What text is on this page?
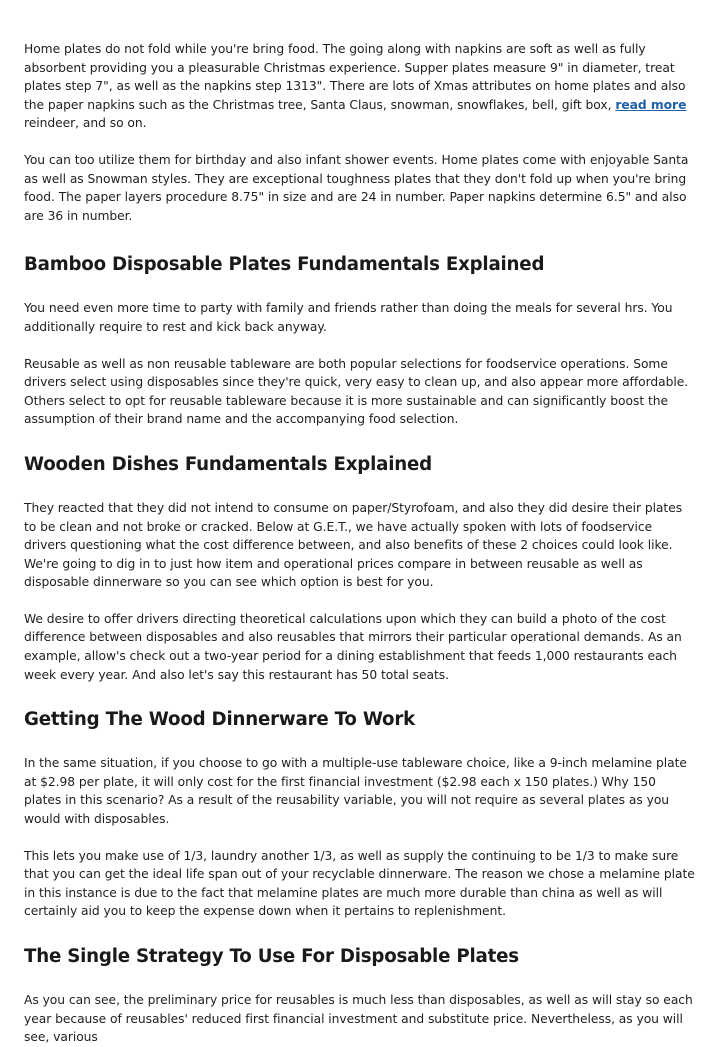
Home plates do not fold while you're bring food. The going along with napkins are soft as well as fully absorbent providing you a pleasurable Christmas experience. Supper plates measure 9" in diameter, treat plates step 7", as well as the napkins step 1313". There are lots of Xmas attributes on home plates and also the paper napkins such as the Christmas tree, Santa Claus, snowman, snowflakes, bell, gift box, read more reindeer, and so on.

You can too utilize them for birthday and also infant shower events. Home plates come with enjoyable Santa as well as Snowman styles. They are exceptional toughness plates that they don't fold up when you're bring food. The paper layers procedure 8.75" in size and are 24 in number. Paper napkins determine 6.5" and also are 36 in number.

Bamboo Disposable Plates Fundamentals Explained

You need even more time to party with family and friends rather than doing the meals for several hrs. You additionally require to rest and kick back anyway.

Reusable as well as non reusable tableware are both popular selections for foodservice operations. Some drivers select using disposables since they're quick, very easy to clean up, and also appear more affordable. Others select to opt for reusable tableware because it is more sustainable and can significantly boost the assumption of their brand name and the accompanying food selection.

Wooden Dishes Fundamentals Explained

They reacted that they did not intend to consume on paper/Styrofoam, and also they did desire their plates to be clean and not broke or cracked. Below at G.E.T., we have actually spoken with lots of foodservice drivers questioning what the cost difference between, and also benefits of these 2 choices could look like. We're going to dig in to just how item and operational prices compare in between reusable as well as disposable dinnerware so you can see which option is best for you.

We desire to offer drivers directing theoretical calculations upon which they can build a photo of the cost difference between disposables and also reusables that mirrors their particular operational demands. As an example, allow's check out a two-year period for a dining establishment that feeds 1,000 restaurants each week every year. And also let's say this restaurant has 50 total seats.

Getting The Wood Dinnerware To Work

In the same situation, if you choose to go with a multiple-use tableware choice, like a 9-inch melamine plate at $2.98 per plate, it will only cost for the first financial investment ($2.98 each x 150 plates.) Why 150 plates in this scenario? As a result of the reusability variable, you will not require as several plates as you would with disposables.

This lets you make use of 1/3, laundry another 1/3, as well as supply the continuing to be 1/3 to make sure that you can get the ideal life span out of your recyclable dinnerware. The reason we chose a melamine plate in this instance is due to the fact that melamine plates are much more durable than china as well as will certainly aid you to keep the expense down when it pertains to replenishment.

The Single Strategy To Use For Disposable Plates

As you can see, the preliminary price for reusables is much less than disposables, as well as will stay so each year because of reusables' reduced first financial investment and substitute price. Nevertheless, as you will see, various
